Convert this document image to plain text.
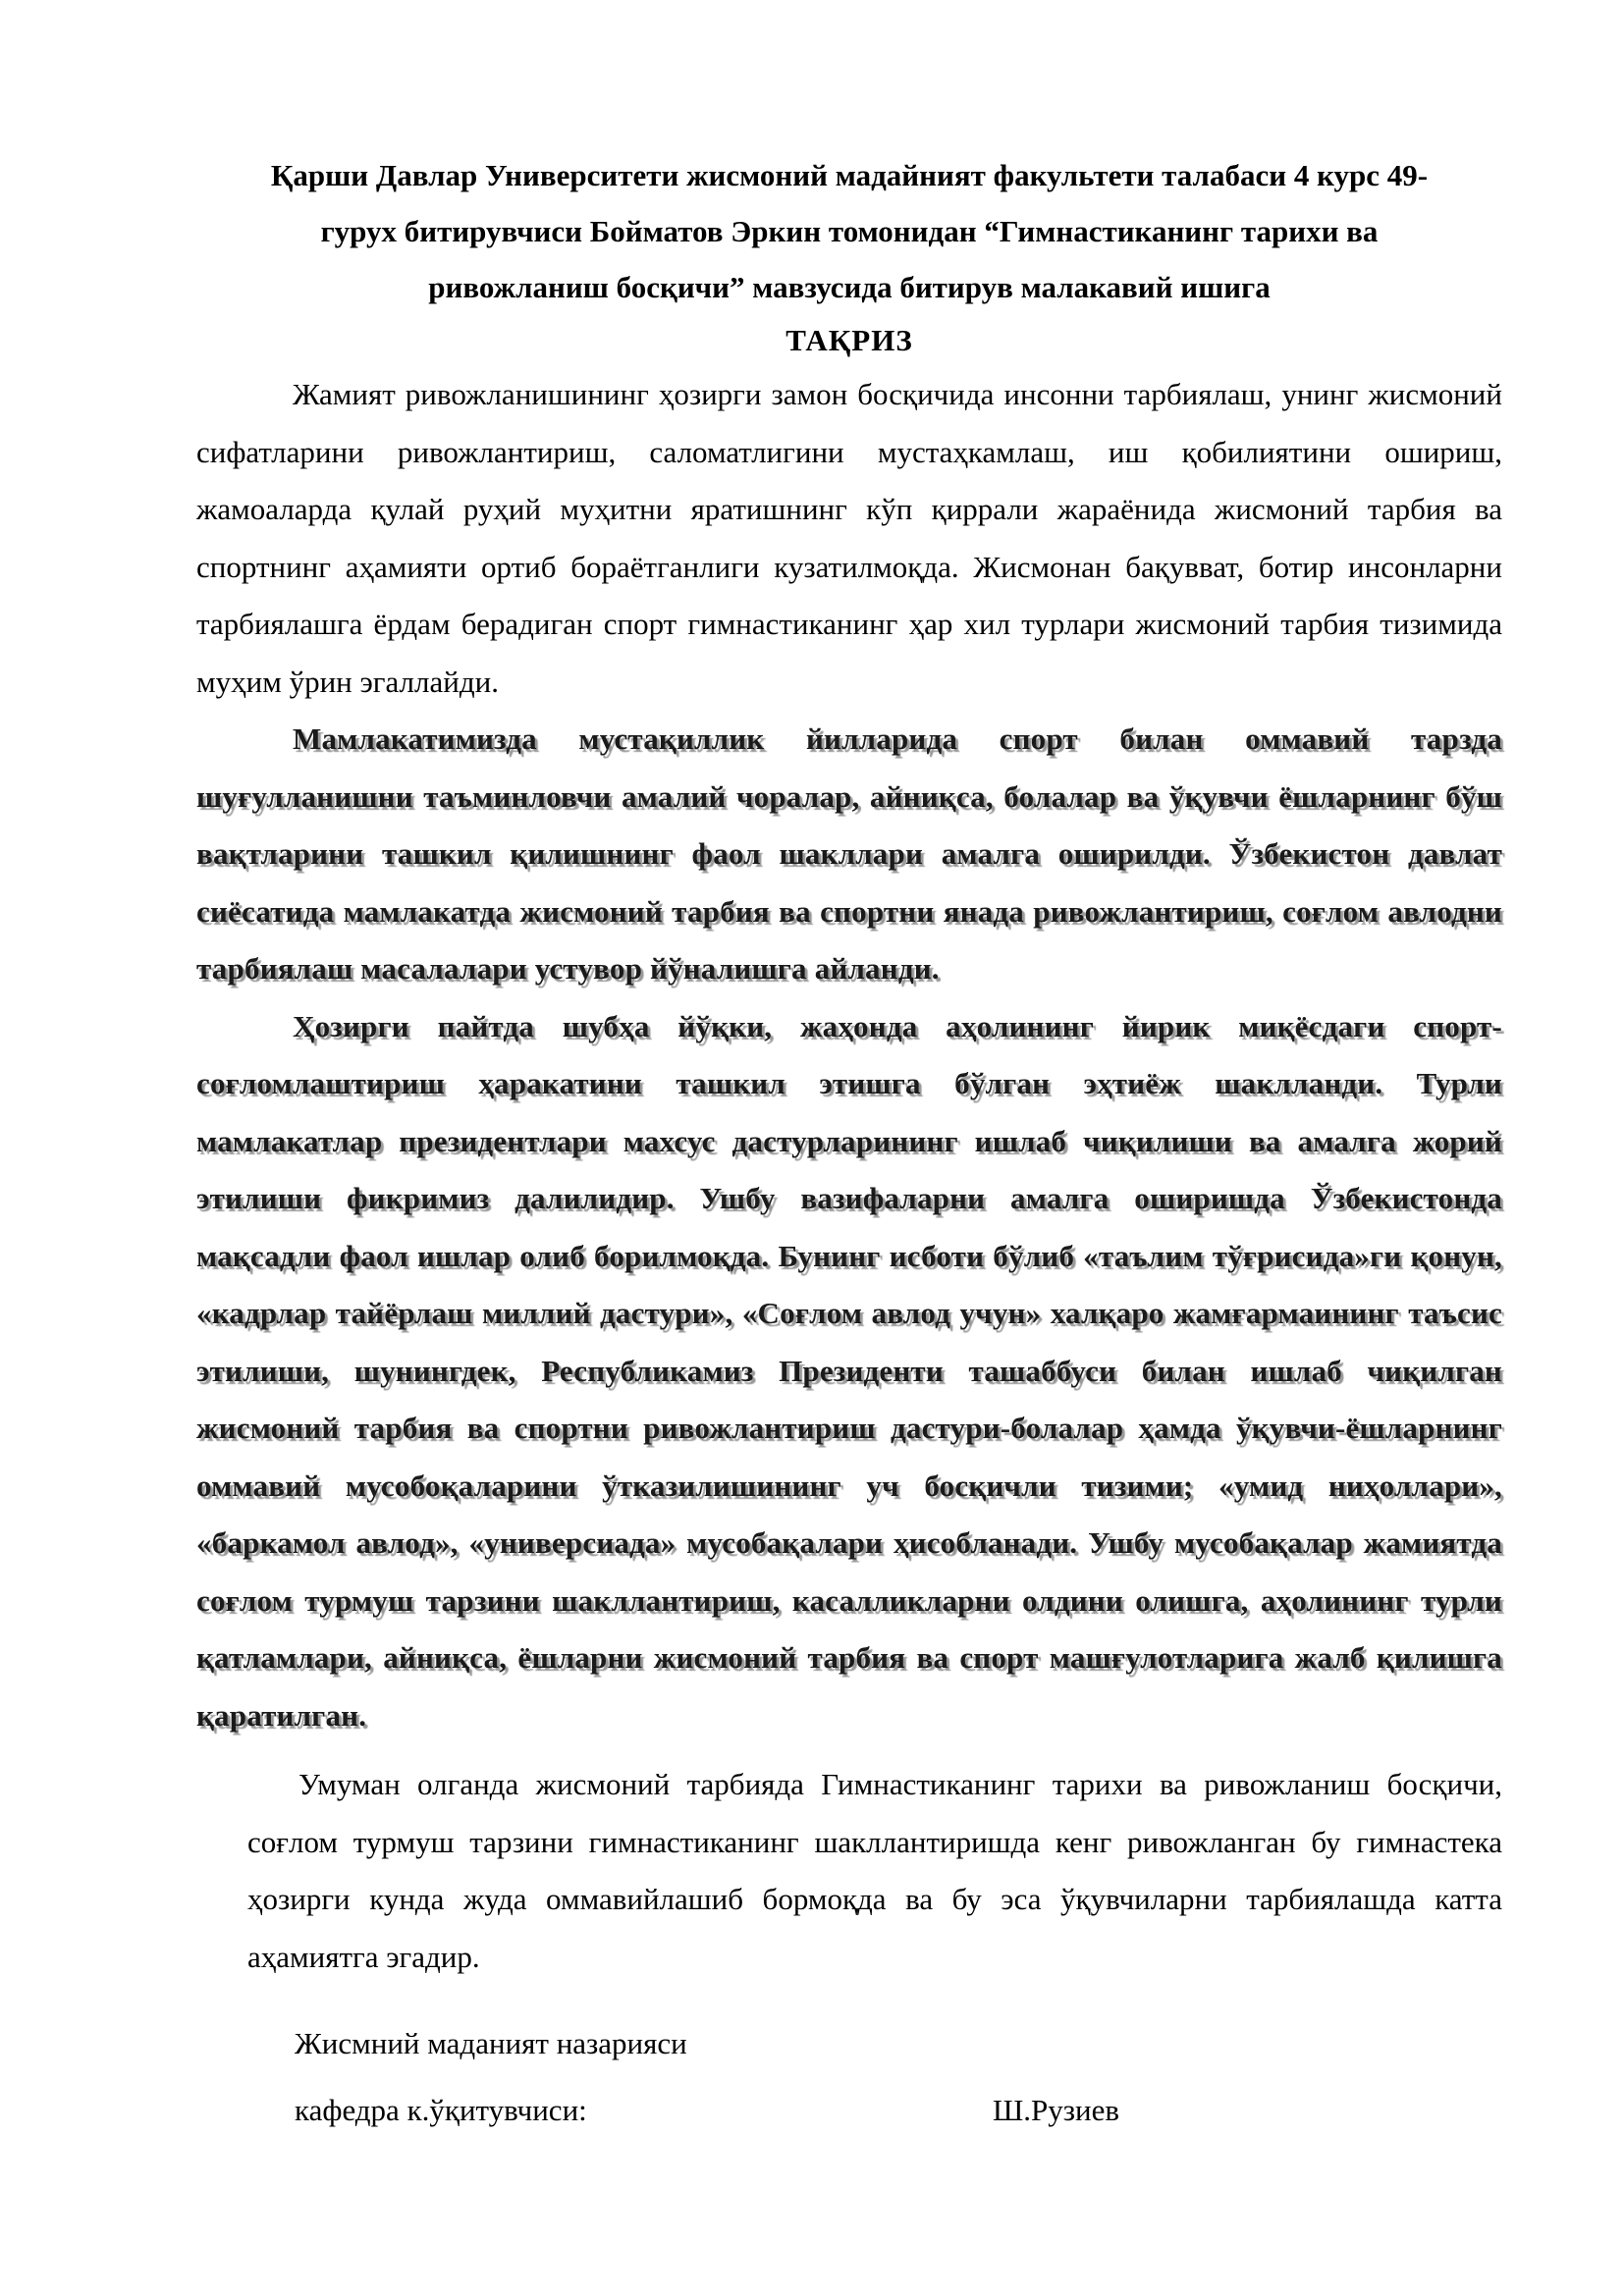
Қарши Давлар Университети жисмоний мадайният факультети талабаси 4 курс 49-
гурух битирувчиси Бойматов Эркин томонидан “Гимнастиканинг тарихи ва
ривожланиш босқичи” мавзусида битирув малакавий ишига
ТАҚРИЗ

Жамият ривожланишининг ҳозирги замон босқичида инсонни тарбиялаш, унинг жисмоний сифатларини ривожлантириш, саломатлигини мустаҳкамлаш, иш қобилиятини ошириш, жамоаларда қулай руҳий муҳитни яратишнинг кўп қиррали жараёнида жисмоний тарбия ва спортнинг аҳамияти ортиб бораётганлиги кузатилмоқда. Жисмонан бақувват, ботир инсонларни тарбиялашга ёрдам берадиган спорт гимнастиканинг ҳар хил турлари жисмоний тарбия тизимида муҳим ўрин эгаллайди.

Мамлакатимизда мустақиллик йилларида спорт билан оммавий тарзда шуғулланишни таъминловчи амалий чоралар, айниқса, болалар ва ўқувчи ёшларнинг бўш вақтларини ташкил қилишнинг фаол шакллари амалга оширилди. Ўзбекистон давлат сиёсатида мамлакатда жисмоний тарбия ва спортни янада ривожлантириш, соғлом авлодни тарбиялаш масалалари устувор йўналишга айланди.

Ҳозирги пайтда шубҳа йўқки, жаҳонда аҳолининг йирик миқёсдаги спорт-соғломлаштириш ҳаракатини ташкил этишга бўлган эҳтиёж шаклланди. Турли мамлакатлар президентлари махсус дастурларининг ишлаб чиқилиши ва амалга жорий этилиши фикримиз далилидир. Ушбу вазифаларни амалга оширишда Ўзбекистонда мақсадли фаол ишлар олиб борилмоқда. Бунинг исботи бўлиб «таълим тўғрисида»ги қонун, «кадрлар тайёрлаш миллий дастури», «Соғлом авлод учун» халқаро жамғармаининг таъсис этилиши, шунингдек, Республикамиз Президенти ташаббуси билан ишлаб чиқилган жисмоний тарбия ва спортни ривожлантириш дастури-болалар ҳамда ўқувчи-ёшларнинг оммавий мусобоқаларини ўтказилишининг уч босқичли тизими; «умид ниҳоллари», «баркамол авлод», «универсиада» мусобақалари ҳисобланади. Ушбу мусобақалар жамиятда соғлом турмуш тарзини шакллантириш, касалликларни олдини олишга, аҳолининг турли қатламлари, айниқса, ёшларни жисмоний тарбия ва спорт машғулотларига жалб қилишга қаратилган.

Умуман олганда жисмоний тарбияда Гимнастиканинг тарихи ва ривожланиш босқичи, соғлом турмуш тарзини гимнастиканинг шакллантиришда кенг ривожланган бу гимнастека ҳозирги кунда жуда оммавийлашиб бормоқда ва бу эса ўқувчиларни тарбиялашда катта аҳамиятга эгадир.

Жисмний маданият назарияси
кафедра к.ўқитувчиси:	Ш.Рузиев
